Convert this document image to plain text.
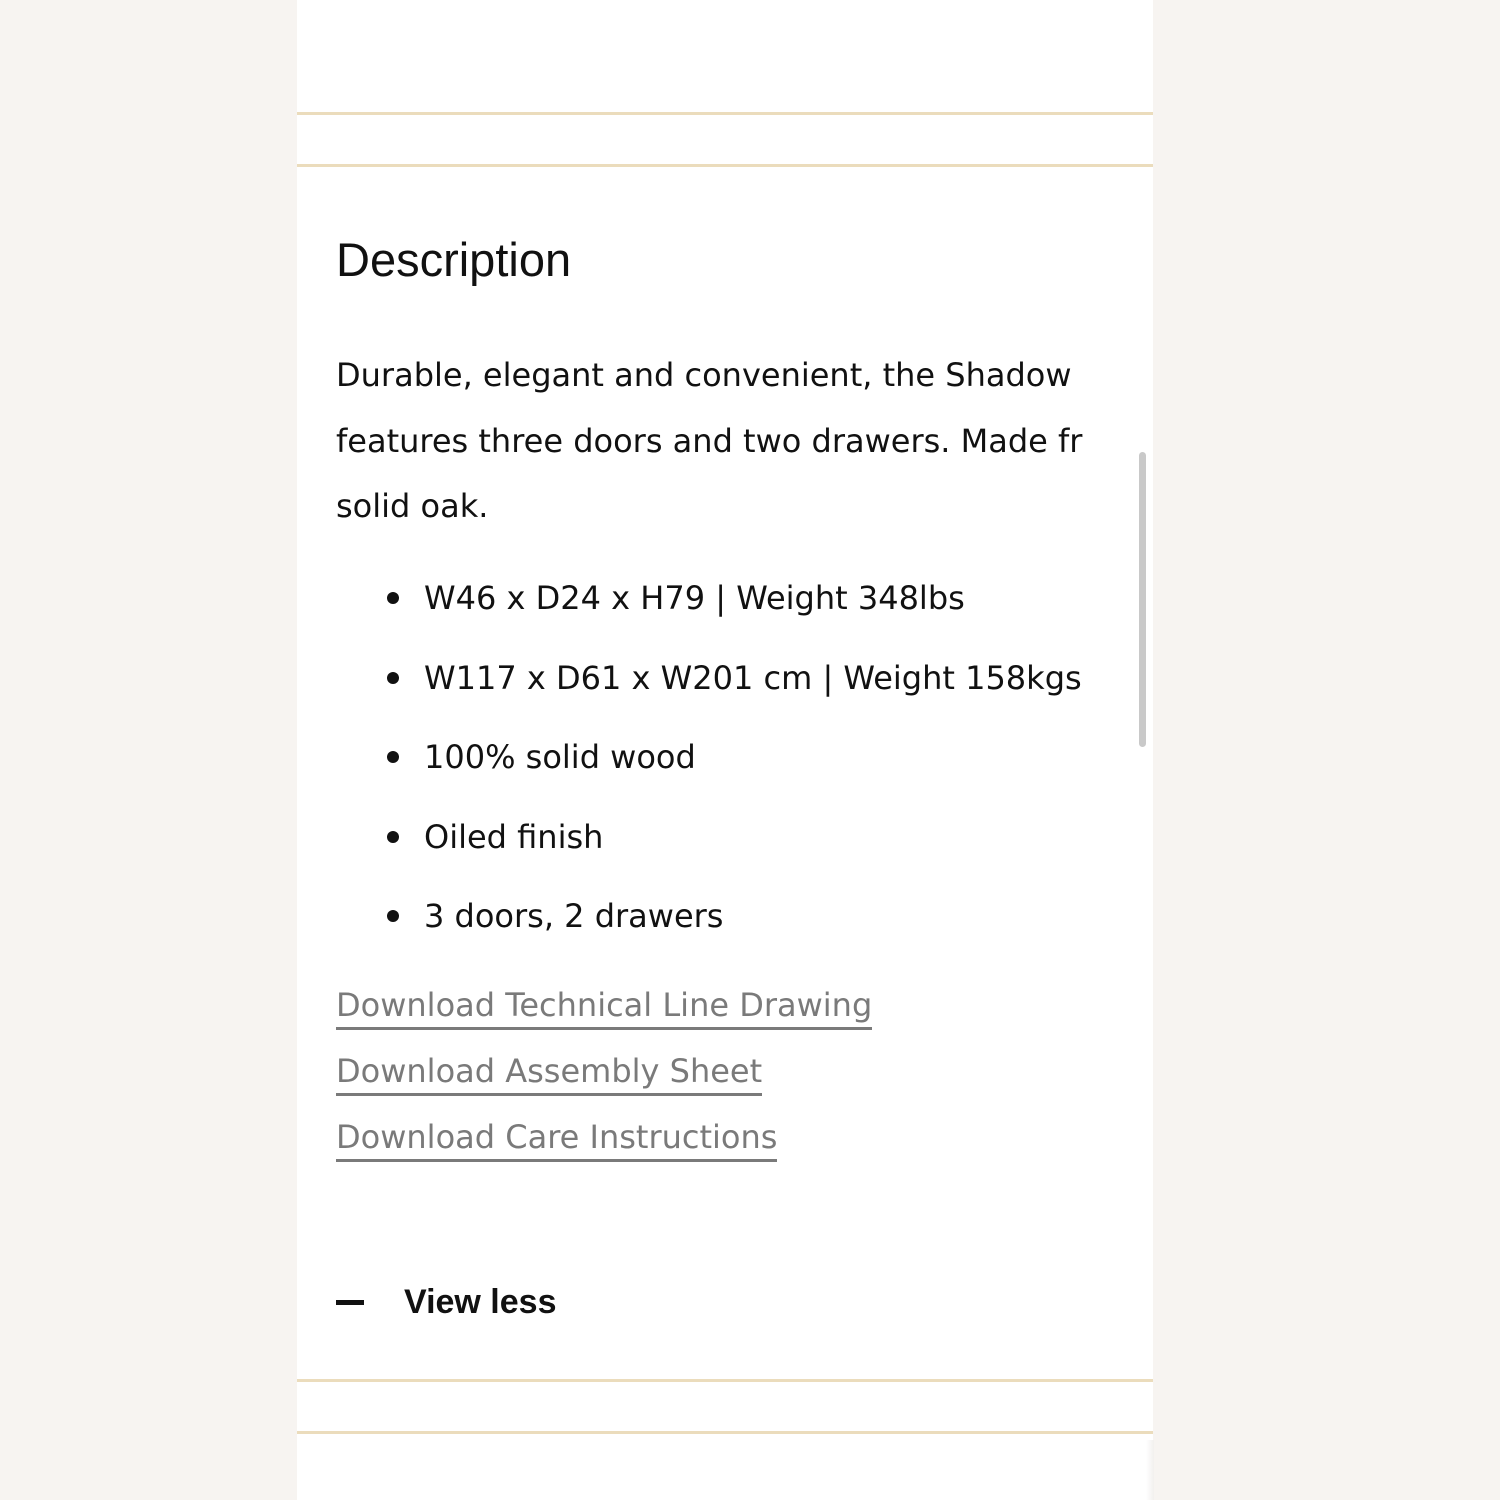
Description
Durable, elegant and convenient, the Shadow
features three doors and two drawers. Made fr
solid oak.
W46 x D24 x H79 | Weight 348lbs
W117 x D61 x W201 cm | Weight 158kgs
100% solid wood
Oiled finish
3 doors, 2 drawers
Download Technical Line Drawing
Download Assembly Sheet
Download Care Instructions
View less
